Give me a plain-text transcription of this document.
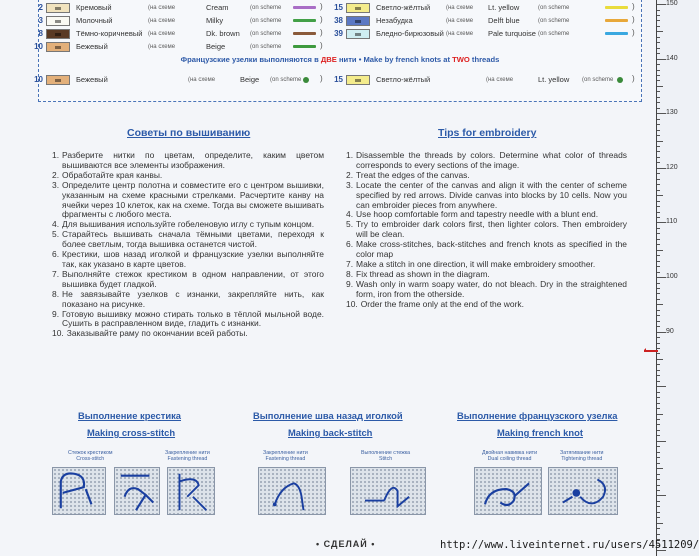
2	Кремовый	(на схеме	Cream	(on scheme	)	15	Светло-жёлтый	(на схеме	Lt. yellow	(on scheme	)
3	Молочный	(на схеме	Milky	(on scheme	)	38	Незабудка	(на схеме	Delft blue	(on scheme	)
8	Тёмно-коричневый (на схеме	Dk. brown	(on scheme	)	39	Бледно-бирюзовый (на схеме	Pale turquoise (on scheme	)
10	Бежевый	(на схеме	Beige	(on scheme	)
Французские узелки выполняются в ДВЕ нити • Make by french knots at TWO threads
10	Бежевый	(на схеме	Beige	(on scheme	)	15	Светло-жёлтый	(на схеме	Lt. yellow	(on scheme	)
Советы по вышиванию	Tips for embroidery
1. Разберите нитки по цветам, определите, каким цветом вышиваются все элементы изображения.
2. Обработайте края канвы.
3. Определите центр полотна и совместите его с центром вышивки, указанным на схеме красными стрелками. Расчертите канву на ячейки через 10 клеток, как на схеме. Тогда вы сможете вышивать фрагменты с любого места.
4. Для вышивания используйте гобеленовую иглу с тупым концом.
5. Старайтесь вышивать сначала тёмными цветами, переходя к более светлым, тогда вышивка останется чистой.
6. Крестики, шов назад иголкой и французские узелки выполняйте так, как указано в карте цветов.
7. Выполняйте стежок крестиком в одном направлении, от этого вышивка будет гладкой.
8. Не завязывайте узелков с изнанки, закрепляйте нить, как показано на рисунке.
9. Готовую вышивку можно стирать только в тёплой мыльной воде. Сушить в расправленном виде, гладить с изнанки.
10. Заказывайте раму по окончании всей работы.
1. Disassemble the threads by colors. Determine what color of threads corresponds to every sections of the image.
2. Treat the edges of the canvas.
3. Locate the center of the canvas and align it with the center of scheme specified by red arrows. Divide canvas into blocks by 10 cells. Now you can embroider pieces from anywhere.
4. Use hoop comfortable form and tapestry needle with a blunt end.
5. Try to embroider dark colors first, then lighter colors. Then embroidery will be clean.
6. Make cross-stitches, back-stitches and french knots as specified in the color map
7. Make a stitch in one direction, it will make embroidery smoother.
8. Fix thread as shown in the diagram.
9. Wash only in warm soapy water, do not bleach. Dry in the straightened form, iron from the otherside.
10. Order the frame only at the end of the work.
Выполнение крестика
Making cross-stitch
Выполнение шва назад иголкой
Making back-stitch
Выполнение французского узелка
Making french knot
Стежок крестиком
Cross-stitch
Закрепление нити
Fastening thread
Закрепление нити
Fastening thread
Выполнение стежка
Stitch
Двойная навивка нити
Dual coiling thread
Затягивание нити
Tightening thread
150
140
130
120
110
100
90
• СДЕЛАЙ •	http://www.liveinternet.ru/users/4511209/
